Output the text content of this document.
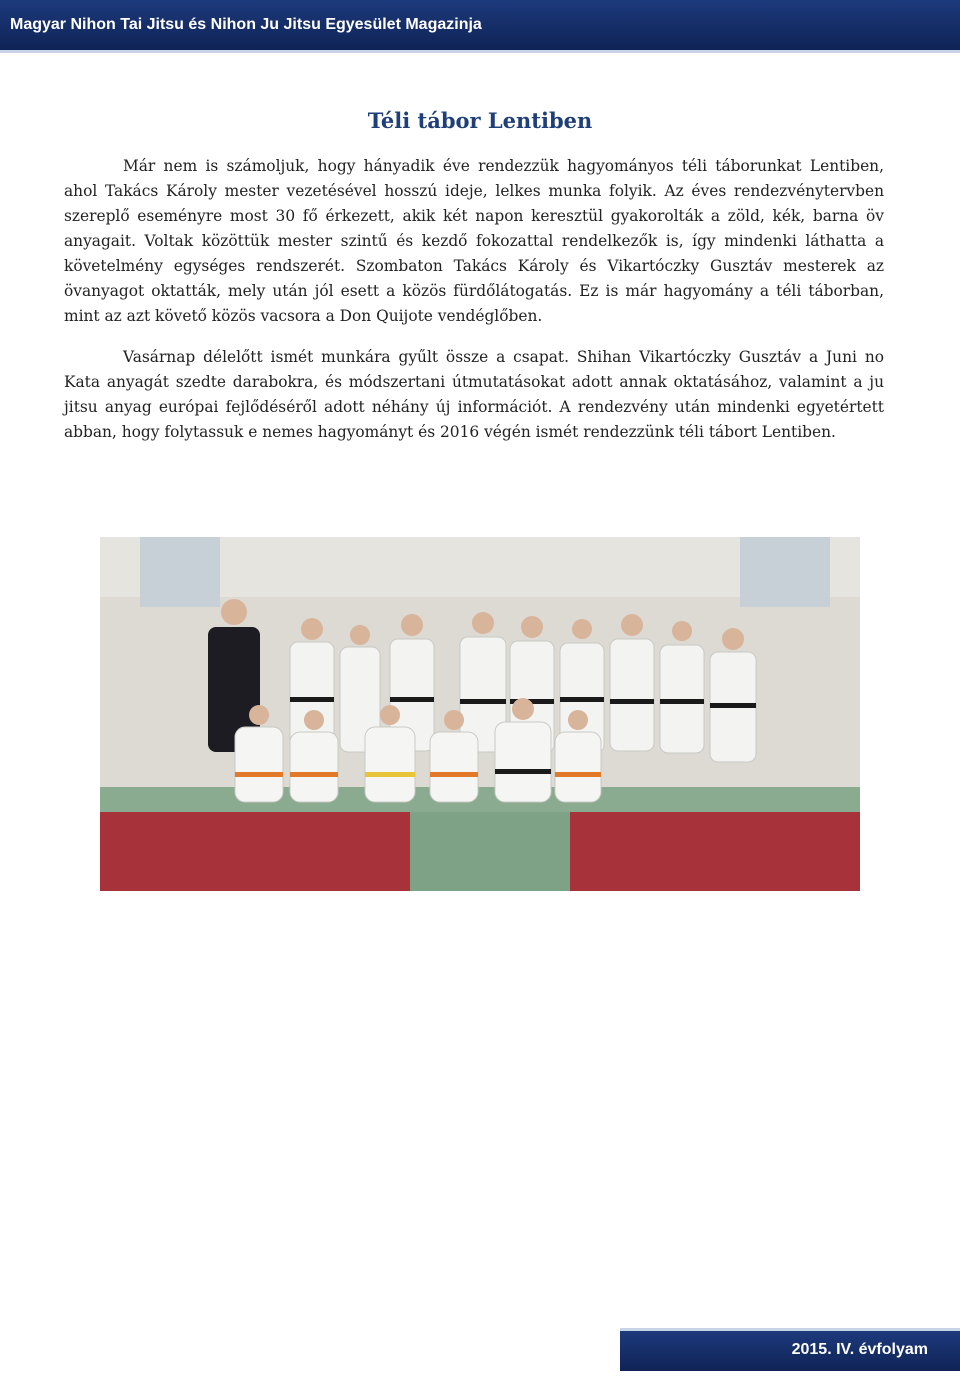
Magyar Nihon Tai Jitsu és Nihon Ju Jitsu Egyesület Magazinja
Téli tábor Lentiben

Már nem is számoljuk, hogy hányadik éve rendezzük hagyományos téli táborunkat Lentiben, ahol Takács Károly mester vezetésével hosszú ideje, lelkes munka folyik. Az éves rendezvénytervben szereplő eseményre most 30 fő érkezett, akik két napon keresztül gyakorolták a zöld, kék, barna öv anyagait. Voltak közöttük mester szintű és kezdő fokozattal rendelkezők is, így mindenki láthatta a követelmény egységes rendszerét. Szombaton Takács Károly és Vikartóczky Gusztáv mesterek az övanyagot oktatták, mely után jól esett a közös fürdőlátogatás. Ez is már hagyomány a téli táborban, mint az azt követő közös vacsora a Don Quijote vendéglőben.

Vasárnap délelőtt ismét munkára gyűlt össze a csapat. Shihan Vikartóczky Gusztáv a Juni no Kata anyagát szedte darabokra, és módszertani útmutatásokat adott annak oktatásához, valamint a ju jitsu anyag európai fejlődéséről adott néhány új információt. A rendezvény után mindenki egyetértett abban, hogy folytassuk e nemes hagyományt és 2016 végén ismét rendezzünk téli tábort Lentiben.

2015. IV. évfolyam
